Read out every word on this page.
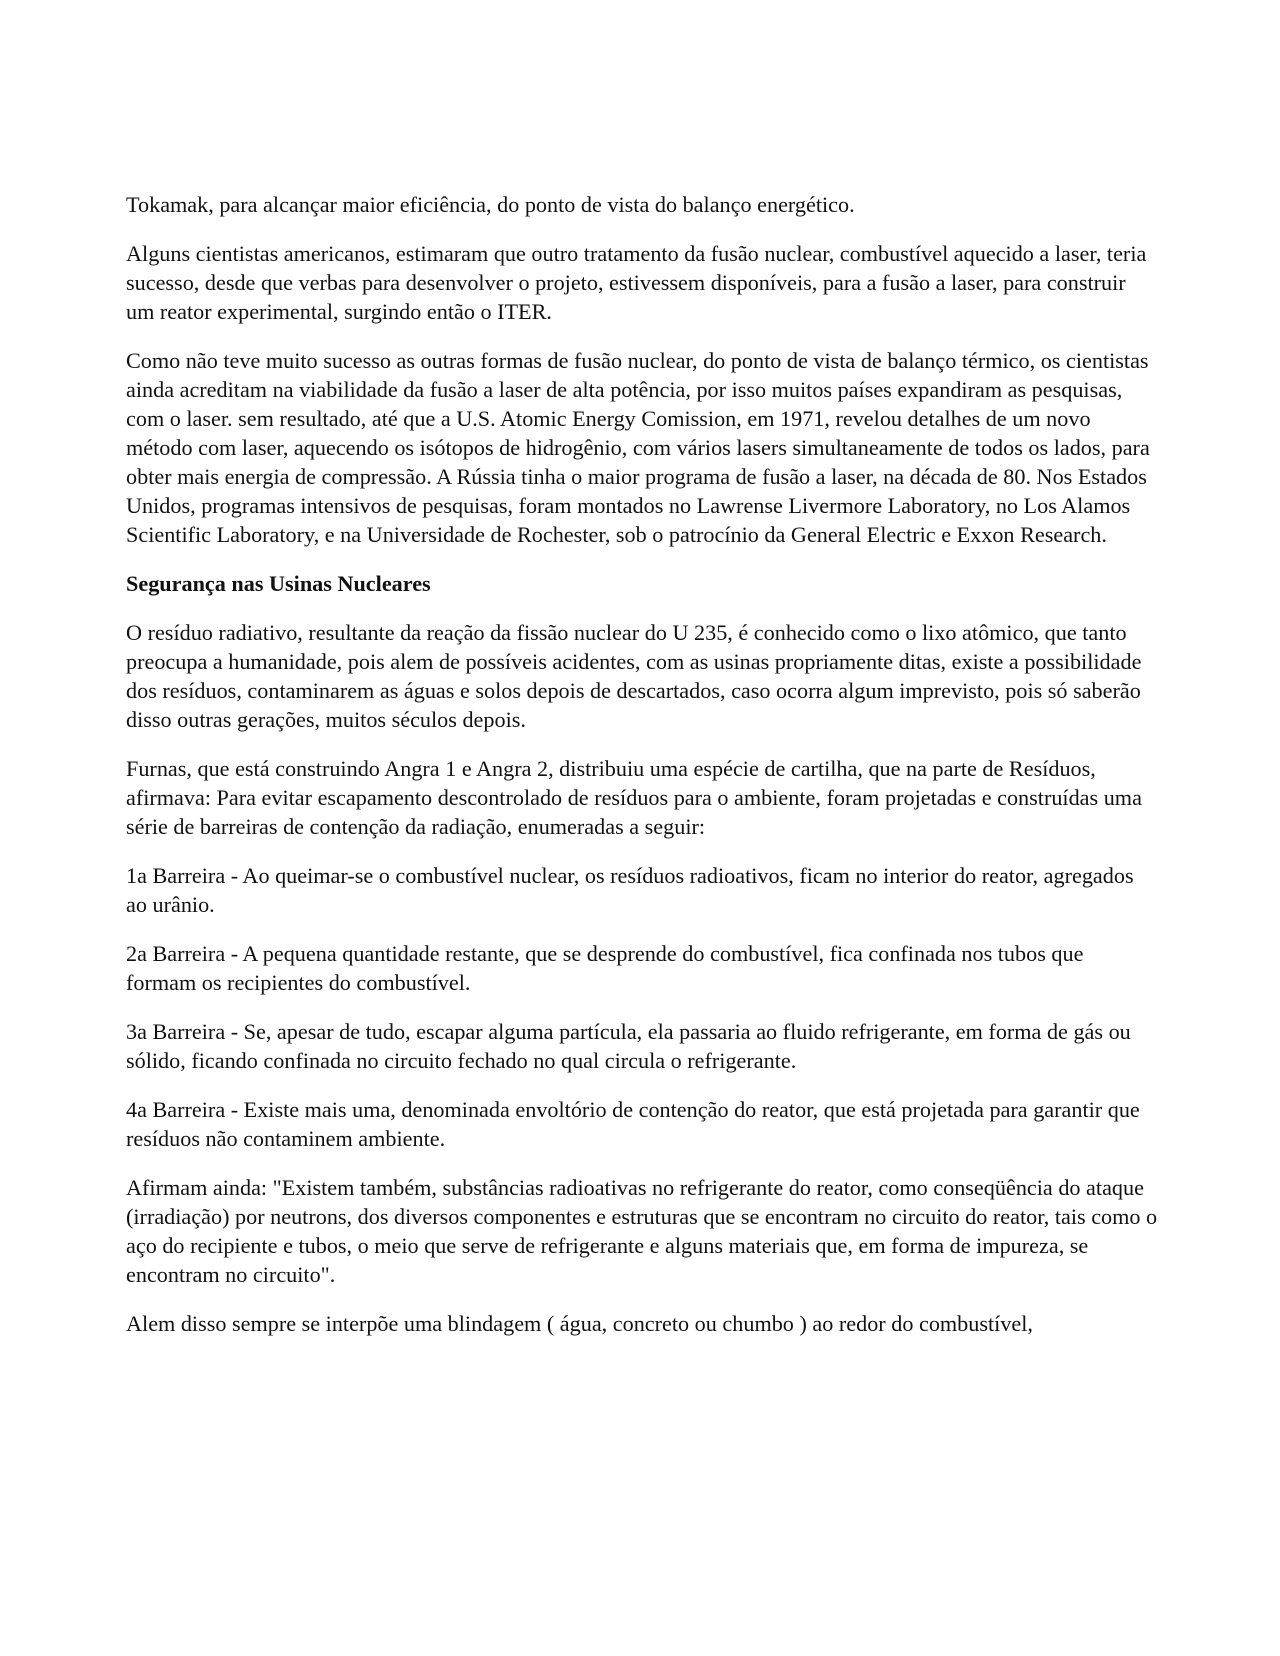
Tokamak, para alcançar maior eficiência, do ponto de vista do balanço energético.

Alguns cientistas americanos, estimaram que outro tratamento da fusão nuclear, combustível aquecido a laser, teria sucesso, desde que verbas para desenvolver o projeto, estivessem disponíveis, para a fusão a laser, para construir um reator experimental, surgindo então o ITER.

Como não teve muito sucesso as outras formas de fusão nuclear, do ponto de vista de balanço térmico, os cientistas ainda acreditam na viabilidade da fusão a laser de alta potência, por isso muitos países expandiram as pesquisas, com o laser. sem resultado, até que a U.S. Atomic Energy Comission, em 1971, revelou detalhes de um novo método com laser, aquecendo os isótopos de hidrogênio, com vários lasers simultaneamente de todos os lados, para obter mais energia de compressão. A Rússia tinha o maior programa de fusão a laser, na década de 80. Nos Estados Unidos, programas intensivos de pesquisas, foram montados no Lawrense Livermore Laboratory, no Los Alamos Scientific Laboratory, e na Universidade de Rochester, sob o patrocínio da General Electric e Exxon Research.

Segurança nas Usinas Nucleares

O resíduo radiativo, resultante da reação da fissão nuclear do U 235, é conhecido como o lixo atômico, que tanto preocupa a humanidade, pois alem de possíveis acidentes, com as usinas propriamente ditas, existe a possibilidade dos resíduos, contaminarem as águas e solos depois de descartados, caso ocorra algum imprevisto, pois só saberão disso outras gerações, muitos séculos depois.

Furnas, que está construindo Angra 1 e Angra 2, distribuiu uma espécie de cartilha, que na parte de Resíduos, afirmava: Para evitar escapamento descontrolado de resíduos para o ambiente, foram projetadas e construídas uma série de barreiras de contenção da radiação, enumeradas a seguir:

1a Barreira - Ao queimar-se o combustível nuclear, os resíduos radioativos, ficam no interior do reator, agregados ao urânio.

2a Barreira - A pequena quantidade restante, que se desprende do combustível, fica confinada nos tubos que formam os recipientes do combustível.

3a Barreira - Se, apesar de tudo, escapar alguma partícula, ela passaria ao fluido refrigerante, em forma de gás ou sólido, ficando confinada no circuito fechado no qual circula o refrigerante.

4a Barreira - Existe mais uma, denominada envoltório de contenção do reator, que está projetada para garantir que resíduos não contaminem ambiente.

Afirmam ainda: "Existem também, substâncias radioativas no refrigerante do reator, como conseqüência do ataque (irradiação) por neutrons, dos diversos componentes e estruturas que se encontram no circuito do reator, tais como o aço do recipiente e tubos, o meio que serve de refrigerante e alguns materiais que, em forma de impureza, se encontram no circuito".

Alem disso sempre se interpõe uma blindagem ( água, concreto ou chumbo ) ao redor do combustível,
